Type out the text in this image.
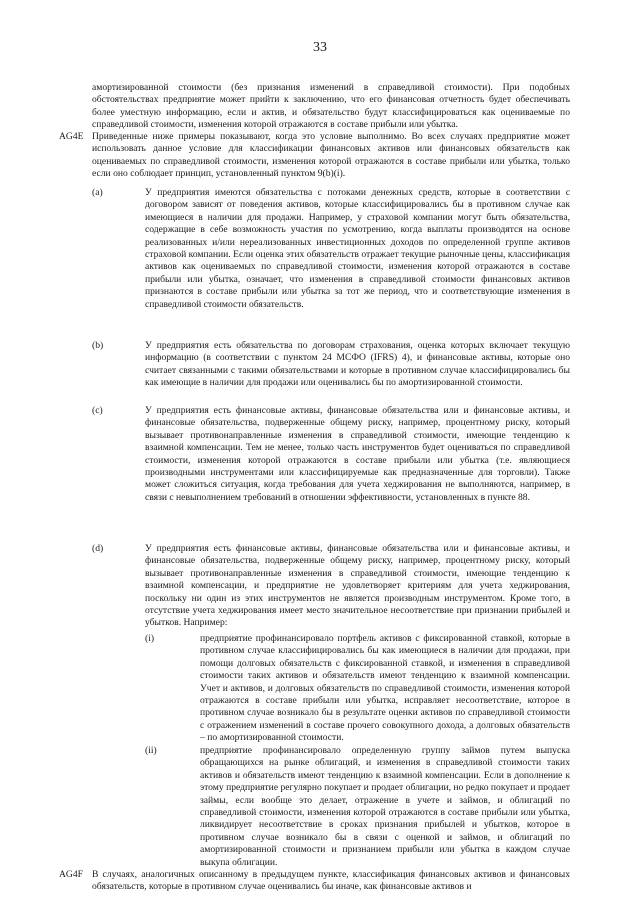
33

амортизированной стоимости (без признания изменений в справедливой стоимости). При подобных обстоятельствах предприятие может прийти к заключению, что его финансовая отчетность будет обеспечивать более уместную информацию, если и актив, и обязательство будут классифицироваться как оцениваемые по справедливой стоимости, изменения которой отражаются в составе прибыли или убытка.

AG4E Приведенные ниже примеры показывают, когда это условие выполнимо. Во всех случаях предприятие может использовать данное условие для классификации финансовых активов или финансовых обязательств как оцениваемых по справедливой стоимости, изменения которой отражаются в составе прибыли или убытка, только если оно соблюдает принцип, установленный пунктом 9(b)(i).

(a)	У предприятия имеются обязательства с потоками денежных средств, которые в соответствии с договором зависят от поведения активов, которые классифицировались бы в противном случае как имеющиеся в наличии для продажи. Например, у страховой компании могут быть обязательства, содержащие в себе возможность участия по усмотрению, когда выплаты производятся на основе реализованных и/или нереализованных инвестиционных доходов по определенной группе активов страховой компании. Если оценка этих обязательств отражает текущие рыночные цены, классификация активов как оцениваемых по справедливой стоимости, изменения которой отражаются в составе прибыли или убытка, означает, что изменения в справедливой стоимости финансовых активов признаются в составе прибыли или убытка за тот же период, что и соответствующие изменения в справедливой стоимости обязательств.

(b)	У предприятия есть обязательства по договорам страхования, оценка которых включает текущую информацию (в соответствии с пунктом 24 МСФО (IFRS) 4), и финансовые активы, которые оно считает связанными с такими обязательствами и которые в противном случае классифицировались бы как имеющие в наличии для продажи или оценивались бы по амортизированной стоимости.

(c)	У предприятия есть финансовые активы, финансовые обязательства или и финансовые активы, и финансовые обязательства, подверженные общему риску, например, процентному риску, который вызывает противонаправленные изменения в справедливой стоимости, имеющие тенденцию к взаимной компенсации. Тем не менее, только часть инструментов будет оцениваться по справедливой стоимости, изменения которой отражаются в составе прибыли или убытка (т.е. являющиеся производными инструментами или классифицируемые как предназначенные для торговли). Также может сложиться ситуация, когда требования для учета хеджирования не выполняются, например, в связи с невыполнением требований в отношении эффективности, установленных в пункте 88.

(d)	У предприятия есть финансовые активы, финансовые обязательства или и финансовые активы, и финансовые обязательства, подверженные общему риску, например, процентному риску, который вызывает противонаправленные изменения в справедливой стоимости, имеющие тенденцию к взаимной компенсации, и предприятие не удовлетворяет критериям для учета хеджирования, поскольку ни один из этих инструментов не является производным инструментом. Кроме того, в отсутствие учета хеджирования имеет место значительное несоответствие при признании прибылей и убытков. Например:

(i)	предприятие профинансировало портфель активов с фиксированной ставкой, которые в противном случае классифицировались бы как имеющиеся в наличии для продажи, при помощи долговых обязательств с фиксированной ставкой, и изменения в справедливой стоимости таких активов и обязательств имеют тенденцию к взаимной компенсации. Учет и активов, и долговых обязательств по справедливой стоимости, изменения которой отражаются в составе прибыли или убытка, исправляет несоответствие, которое в противном случае возникало бы в результате оценки активов по справедливой стоимости с отражением изменений в составе прочего совокупного дохода, а долговых обязательств – по амортизированной стоимости.

(ii)	предприятие профинансировало определенную группу займов путем выпуска обращающихся на рынке облигаций, и изменения в справедливой стоимости таких активов и обязательств имеют тенденцию к взаимной компенсации. Если в дополнение к этому предприятие регулярно покупает и продает облигации, но редко покупает и продает займы, если вообще это делает, отражение в учете и займов, и облигаций по справедливой стоимости, изменения которой отражаются в составе прибыли или убытка, ликвидирует несоответствие в сроках признания прибылей и убытков, которое в противном случае возникало бы в связи с оценкой и займов, и облигаций по амортизированной стоимости и признанием прибыли или убытка в каждом случае выкупа облигации.

AG4F В случаях, аналогичных описанному в предыдущем пункте, классификация финансовых активов и финансовых обязательств, которые в противном случае оценивались бы иначе, как финансовые активов и
